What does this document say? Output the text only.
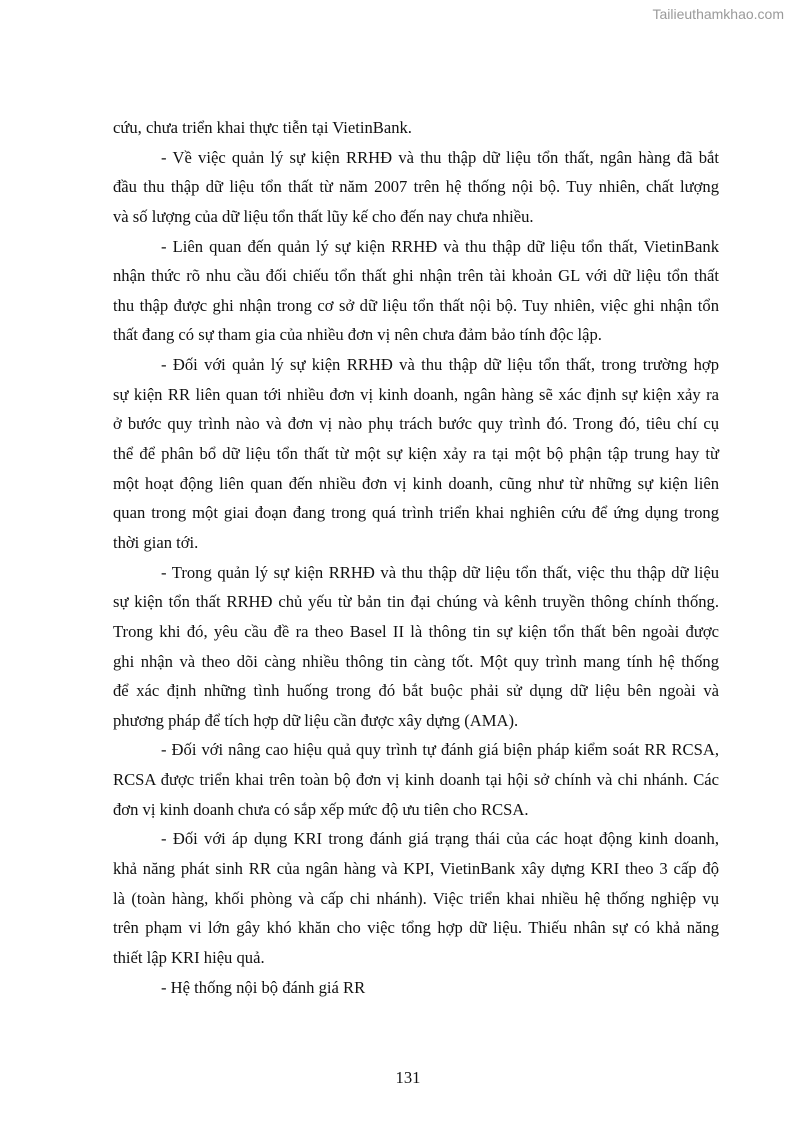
Tailieuthamkhao.com
cứu, chưa triển khai thực tiễn tại VietinBank.
- Về việc quản lý sự kiện RRHĐ và thu thập dữ liệu tổn thất, ngân hàng đã bắt
đầu thu thập dữ liệu tổn thất từ năm 2007 trên hệ thống nội bộ. Tuy nhiên, chất lượng
và số lượng của dữ liệu tổn thất lũy kế cho đến nay chưa nhiều.
- Liên quan đến quản lý sự kiện RRHĐ và thu thập dữ liệu tổn thất, VietinBank
nhận thức rõ nhu cầu đối chiếu tổn thất ghi nhận trên tài khoản GL với dữ liệu tổn thất
thu thập được ghi nhận trong cơ sở dữ liệu tổn thất nội bộ. Tuy nhiên, việc ghi nhận tổn
thất đang có sự tham gia của nhiều đơn vị nên chưa đảm bảo tính độc lập.
- Đối với quản lý sự kiện RRHĐ và thu thập dữ liệu tổn thất, trong trường hợp
sự kiện RR liên quan tới nhiều đơn vị kinh doanh, ngân hàng sẽ xác định sự kiện xảy ra
ở bước quy trình nào và đơn vị nào phụ trách bước quy trình đó. Trong đó, tiêu chí cụ
thể để phân bổ dữ liệu tổn thất từ một sự kiện xảy ra tại một bộ phận tập trung hay từ
một hoạt động liên quan đến nhiều đơn vị kinh doanh, cũng như từ những sự kiện liên
quan trong một giai đoạn đang trong quá trình triển khai nghiên cứu để ứng dụng trong
thời gian tới.
- Trong quản lý sự kiện RRHĐ và thu thập dữ liệu tổn thất, việc thu thập dữ liệu
sự kiện tổn thất RRHĐ chủ yếu từ bản tin đại chúng và kênh truyền thông chính thống.
Trong khi đó, yêu cầu đề ra theo Basel II là thông tin sự kiện tổn thất bên ngoài được
ghi nhận và theo dõi càng nhiều thông tin càng tốt. Một quy trình mang tính hệ thống
để xác định những tình huống trong đó bắt buộc phải sử dụng dữ liệu bên ngoài và
phương pháp để tích hợp dữ liệu cần được xây dựng (AMA).
- Đối với nâng cao hiệu quả quy trình tự đánh giá biện pháp kiểm soát RR RCSA,
RCSA được triển khai trên toàn bộ đơn vị kinh doanh tại hội sở chính và chi nhánh. Các
đơn vị kinh doanh chưa có sắp xếp mức độ ưu tiên cho RCSA.
- Đối với áp dụng KRI trong đánh giá trạng thái của các hoạt động kinh doanh,
khả năng phát sinh RR của ngân hàng và KPI, VietinBank xây dựng KRI theo 3 cấp độ
là (toàn hàng, khối phòng và cấp chi nhánh). Việc triển khai nhiều hệ thống nghiệp vụ
trên phạm vi lớn gây khó khăn cho việc tổng hợp dữ liệu. Thiếu nhân sự có khả năng
thiết lập KRI hiệu quả.
- Hệ thống nội bộ đánh giá RR
131
